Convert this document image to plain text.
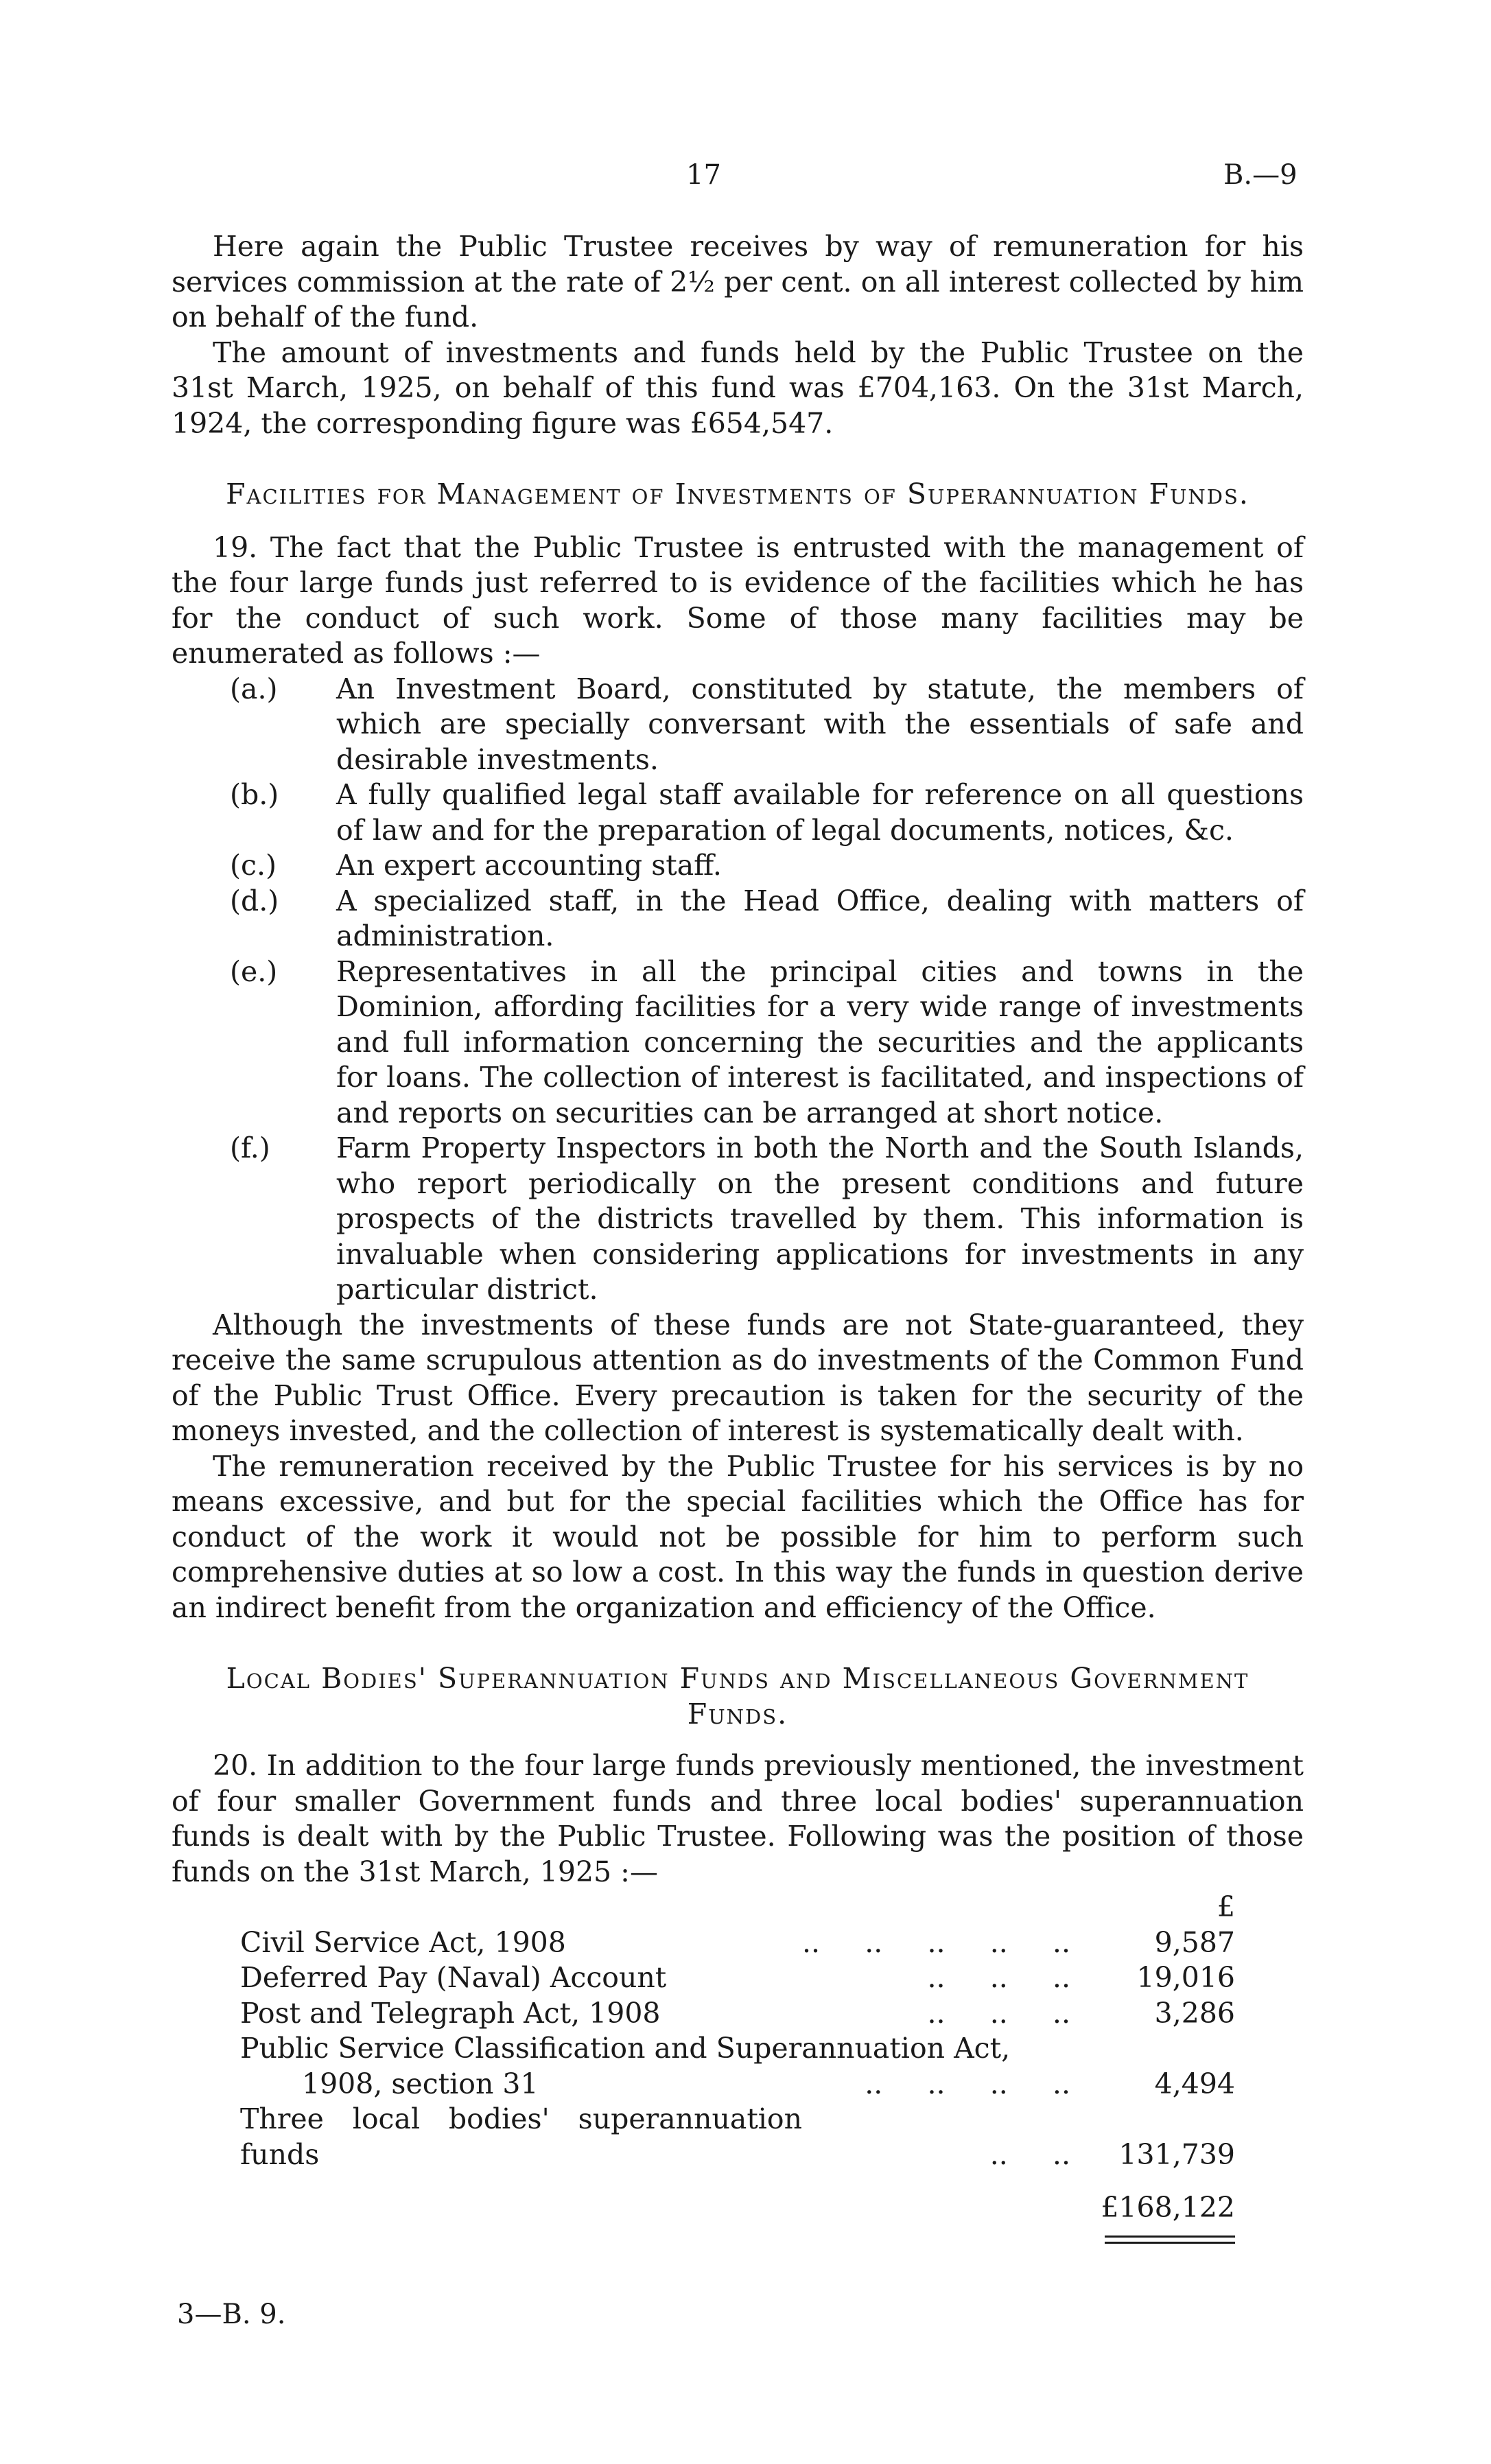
17	B.—9

Here again the Public Trustee receives by way of remuneration for his services commission at the rate of 2½ per cent. on all interest collected by him on behalf of the fund.

The amount of investments and funds held by the Public Trustee on the 31st March, 1925, on behalf of this fund was £704,163. On the 31st March, 1924, the corresponding figure was £654,547.

Facilities for Management of Investments of Superannuation Funds.

19. The fact that the Public Trustee is entrusted with the management of the four large funds just referred to is evidence of the facilities which he has for the conduct of such work. Some of those many facilities may be enumerated as follows :—

(a.) An Investment Board, constituted by statute, the members of which are specially conversant with the essentials of safe and desirable investments.
(b.) A fully qualified legal staff available for reference on all questions of law and for the preparation of legal documents, notices, &c.
(c.) An expert accounting staff.
(d.) A specialized staff, in the Head Office, dealing with matters of administration.
(e.) Representatives in all the principal cities and towns in the Dominion, affording facilities for a very wide range of investments and full information concerning the securities and the applicants for loans. The collection of interest is facilitated, and inspections of and reports on securities can be arranged at short notice.
(f.) Farm Property Inspectors in both the North and the South Islands, who report periodically on the present conditions and future prospects of the districts travelled by them. This information is invaluable when considering applications for investments in any particular district.

Although the investments of these funds are not State-guaranteed, they receive the same scrupulous attention as do investments of the Common Fund of the Public Trust Office. Every precaution is taken for the security of the moneys invested, and the collection of interest is systematically dealt with.

The remuneration received by the Public Trustee for his services is by no means excessive, and but for the special facilities which the Office has for conduct of the work it would not be possible for him to perform such comprehensive duties at so low a cost. In this way the funds in question derive an indirect benefit from the organization and efficiency of the Office.

Local Bodies' Superannuation Funds and Miscellaneous Government
Funds.

20. In addition to the four large funds previously mentioned, the investment of four smaller Government funds and three local bodies' superannuation funds is dealt with by the Public Trustee. Following was the position of those funds on the 31st March, 1925 :—

		£
Civil Service Act, 1908	..     ..     ..     ..     ..	9,587
Deferred Pay (Naval) Account	..     ..     ..	19,016
Post and Telegraph Act, 1908	..     ..     ..	3,286
Public Service Classification and Superannuation Act,		
1908, section 31	..     ..     ..     ..	4,494
Three local bodies' superannuation funds	..     ..	131,739
		£168,122
3—B. 9.
